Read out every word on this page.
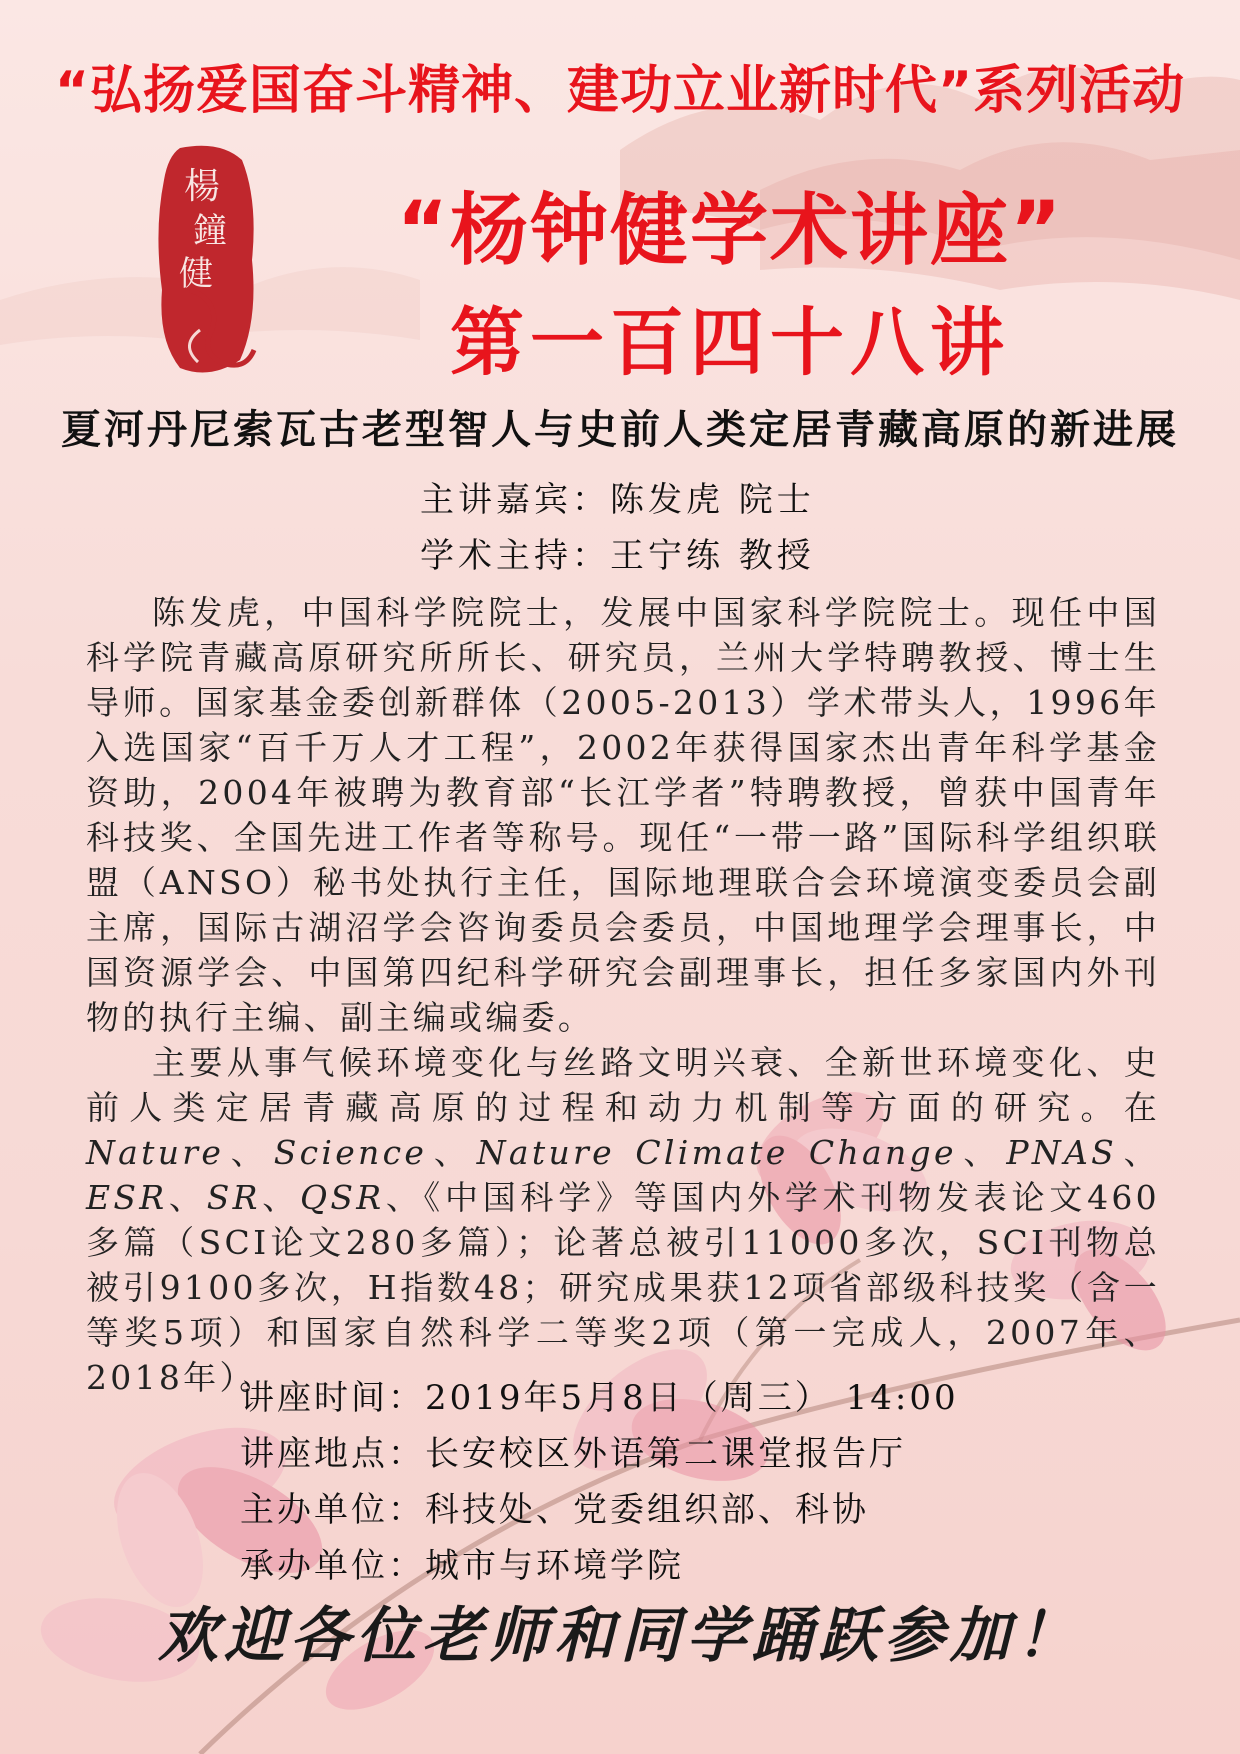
“弘扬爱国奋斗精神、建功立业新时代”系列活动
楊
鐘
健	“杨钟健学术讲座”
第一百四十八讲
夏河丹尼索瓦古老型智人与史前人类定居青藏高原的新进展
主讲嘉宾：陈发虎 院士
学术主持：王宁练 教授

陈发虎，中国科学院院士，发展中国家科学院院士。现任中国科学院青藏高原研究所所长、研究员，兰州大学特聘教授、博士生导师。国家基金委创新群体（2005-2013）学术带头人，1996年入选国家“百千万人才工程”，2002年获得国家杰出青年科学基金资助，2004年被聘为教育部“长江学者”特聘教授，曾获中国青年科技奖、全国先进工作者等称号。现任“一带一路”国际科学组织联盟（ANSO）秘书处执行主任，国际地理联合会环境演变委员会副主席，国际古湖沼学会咨询委员会委员，中国地理学会理事长，中国资源学会、中国第四纪科学研究会副理事长，担任多家国内外刊物的执行主编、副主编或编委。

主要从事气候环境变化与丝路文明兴衰、全新世环境变化、史前人类定居青藏高原的过程和动力机制等方面的研究。在Nature、Science、Nature Climate Change、PNAS、ESR、SR、QSR、《中国科学》等国内外学术刊物发表论文460多篇（SCI论文280多篇）；论著总被引11000多次，SCI刊物总被引9100多次，H指数48；研究成果获12项省部级科技奖（含一等奖5项）和国家自然科学二等奖2项（第一完成人，2007年、2018年）。

讲座时间：2019年5月8日（周三） 14:00
讲座地点：长安校区外语第二课堂报告厅
主办单位：科技处、党委组织部、科协
承办单位：城市与环境学院
欢迎各位老师和同学踊跃参加！
